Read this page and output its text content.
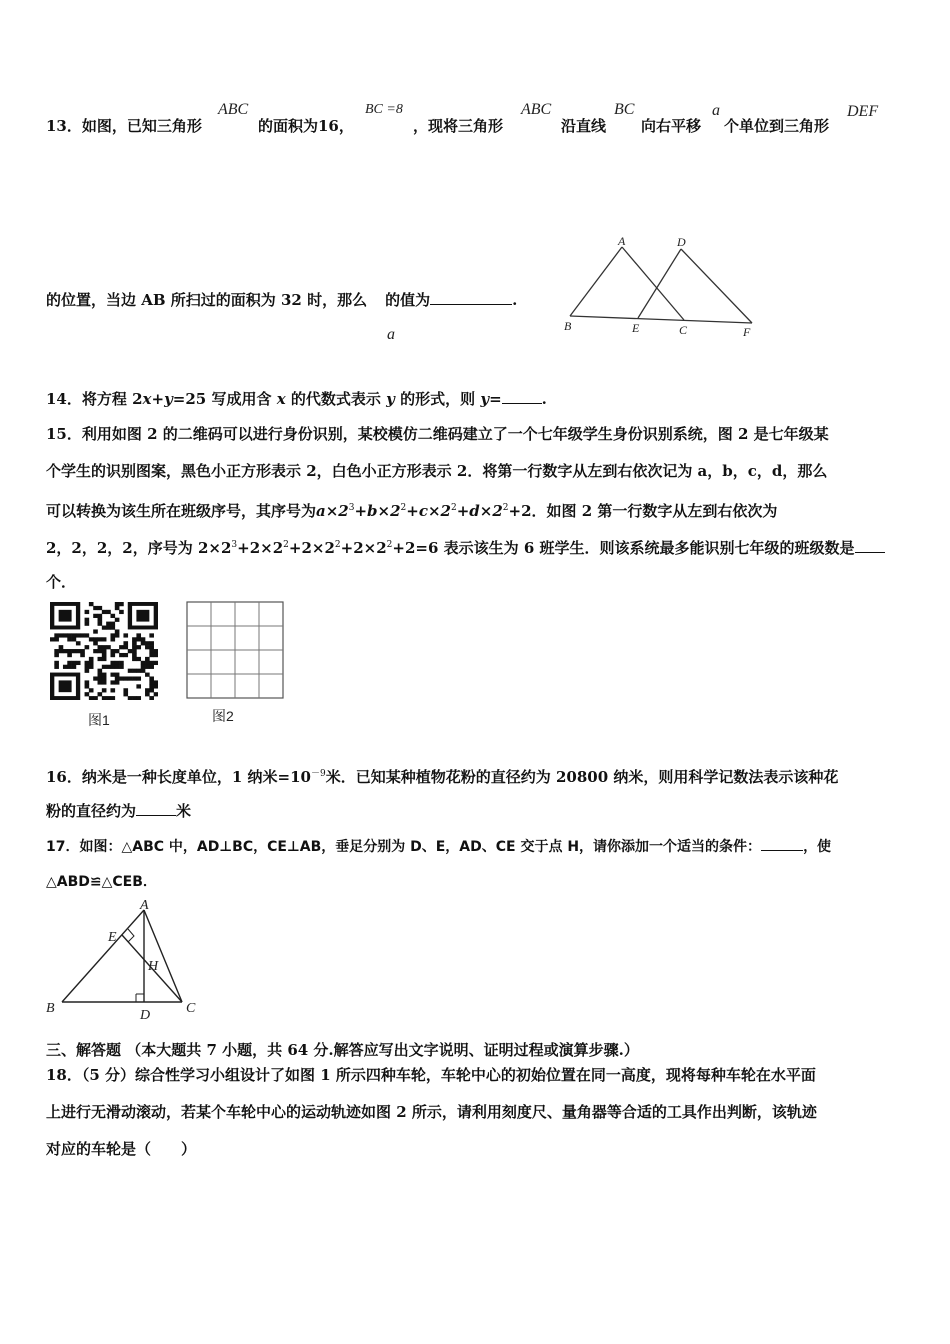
13．如图，已知三角形
ABC
的面积为16，
BC =8
，现将三角形
ABC
沿直线
BC
向右平移
a
个单位到三角形
DEF
的位置，当边 AB 所扫过的面积为 32 时，那么 的值为	.
a
A	D
B	E	C	F
14．将方程 2x+y=25 写成用含 x 的代数式表示 y 的形式，则 y=	.
15．利用如图 2 的二维码可以进行身份识别，某校模仿二维码建立了一个七年级学生身份识别系统，图 2 是七年级某
个学生的识别图案，黑色小正方形表示 2，白色小正方形表示 2．将第一行数字从左到右依次记为 a，b，c，d，那么
可以转换为该生所在班级序号，其序号为$a\times 2^3+b\times 2^2+c\times 2^2+d\times 2^2+2$．如图 2 第一行数字从左到右依次为
2，2，2，2，序号为 $2\times 2^3+2\times 2^2+2\times 2^2+2\times 2^2+2=6$ 表示该生为 6 班学生．则该系统最多能识别七年级的班级数是
个．
图1	图2
16．纳米是一种长度单位，1 纳米$=10^{-9}$米．已知某种植物花粉的直径约为 20800 纳米，则用科学记数法表示该种花
粉的直径约为	米
17．如图：△ABC 中，AD⊥BC，CE⊥AB，垂足分别为 D、E，AD、CE 交于点 H，请你添加一个适当的条件：	，使
△ABD≌△CEB．
A
E
H
B	D	C
三、解答题 （本大题共 7 小题，共 64 分.解答应写出文字说明、证明过程或演算步骤.）
18．（5 分）综合性学习小组设计了如图 1 所示四种车轮，车轮中心的初始位置在同一高度，现将每种车轮在水平面
上进行无滑动滚动，若某个车轮中心的运动轨迹如图 2 所示，请利用刻度尺、量角器等合适的工具作出判断，该轨迹
对应的车轮是（　　）
